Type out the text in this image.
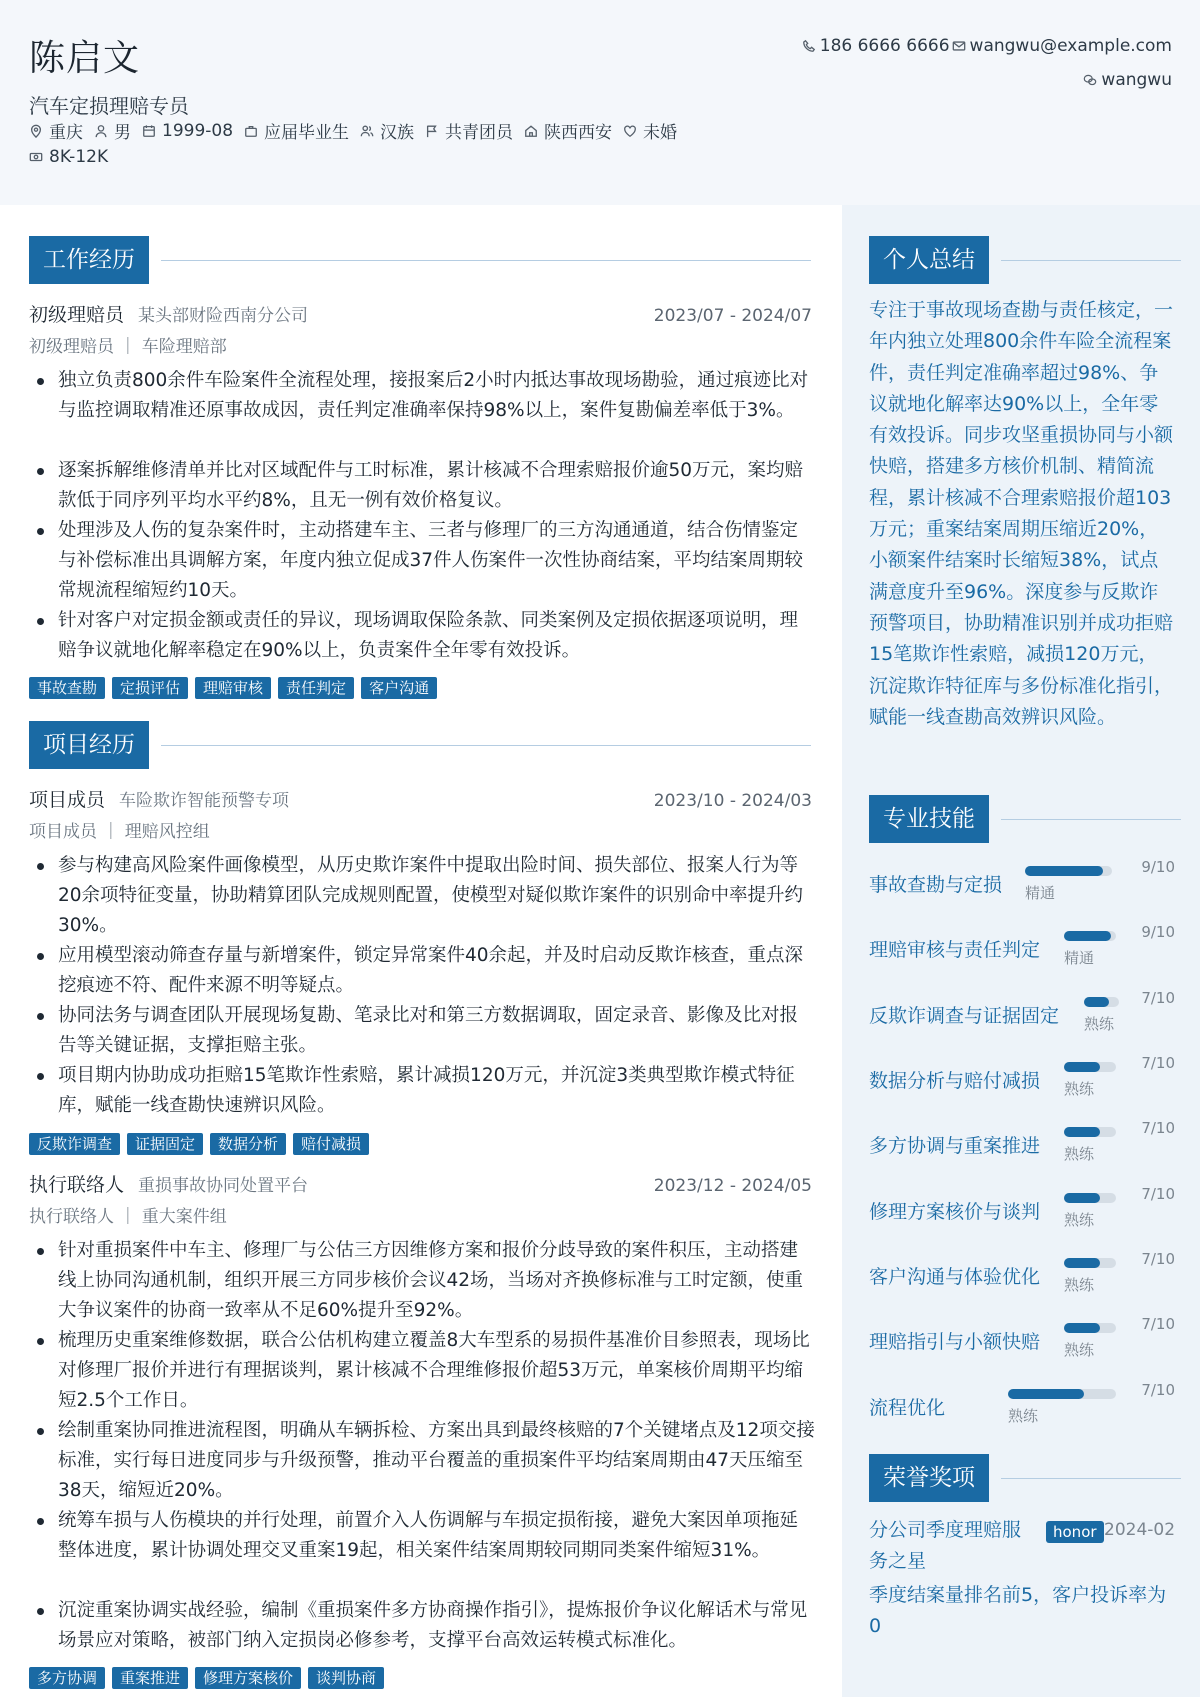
陈启文
汽车定损理赔专员
重庆 男 1999-08 应届毕业生 汉族 共青团员 陕西西安 未婚
8K-12K
186 6666 6666 wangwu@example.com
wangwu
工作经历
初级理赔员 某头部财险西南分公司	2023/07 - 2024/07
初级理赔员 ｜ 车险理赔部
独立负责800余件车险案件全流程处理，接报案后2小时内抵达事故现场勘验，通过痕迹比对与监控调取精准还原事故成因，责任判定准确率保持98%以上，案件复勘偏差率低于3%。
逐案拆解维修清单并比对区域配件与工时标准，累计核减不合理索赔报价逾50万元，案均赔款低于同序列平均水平约8%，且无一例有效价格复议。
处理涉及人伤的复杂案件时，主动搭建车主、三者与修理厂的三方沟通通道，结合伤情鉴定与补偿标准出具调解方案，年度内独立促成37件人伤案件一次性协商结案，平均结案周期较常规流程缩短约10天。
针对客户对定损金额或责任的异议，现场调取保险条款、同类案例及定损依据逐项说明，理赔争议就地化解率稳定在90%以上，负责案件全年零有效投诉。
事故查勘	定损评估	理赔审核	责任判定	客户沟通
项目经历
项目成员 车险欺诈智能预警专项	2023/10 - 2024/03
项目成员 ｜ 理赔风控组
参与构建高风险案件画像模型，从历史欺诈案件中提取出险时间、损失部位、报案人行为等20余项特征变量，协助精算团队完成规则配置，使模型对疑似欺诈案件的识别命中率提升约30%。
应用模型滚动筛查存量与新增案件，锁定异常案件40余起，并及时启动反欺诈核查，重点深挖痕迹不符、配件来源不明等疑点。
协同法务与调查团队开展现场复勘、笔录比对和第三方数据调取，固定录音、影像及比对报告等关键证据，支撑拒赔主张。
项目期内协助成功拒赔15笔欺诈性索赔，累计减损120万元，并沉淀3类典型欺诈模式特征库，赋能一线查勘快速辨识风险。
反欺诈调查	证据固定	数据分析	赔付减损
执行联络人 重损事故协同处置平台	2023/12 - 2024/05
执行联络人 ｜ 重大案件组
针对重损案件中车主、修理厂与公估三方因维修方案和报价分歧导致的案件积压，主动搭建线上协同沟通机制，组织开展三方同步核价会议42场，当场对齐换修标准与工时定额，使重大争议案件的协商一致率从不足60%提升至92%。
梳理历史重案维修数据，联合公估机构建立覆盖8大车型系的易损件基准价目参照表，现场比对修理厂报价并进行有理据谈判，累计核减不合理维修报价超53万元，单案核价周期平均缩短2.5个工作日。
绘制重案协同推进流程图，明确从车辆拆检、方案出具到最终核赔的7个关键堵点及12项交接标准，实行每日进度同步与升级预警，推动平台覆盖的重损案件平均结案周期由47天压缩至38天，缩短近20%。
统筹车损与人伤模块的并行处理，前置介入人伤调解与车损定损衔接，避免大案因单项拖延整体进度，累计协调处理交叉重案19起，相关案件结案周期较同期同类案件缩短31%。
沉淀重案协调实战经验，编制《重损案件多方协商操作指引》，提炼报价争议化解话术与常见场景应对策略，被部门纳入定损岗必修参考，支撑平台高效运转模式标准化。
多方协调	重案推进	修理方案核价	谈判协商
个人总结
专注于事故现场查勘与责任核定，一年内独立处理800余件车险全流程案件，责任判定准确率超过98%、争议就地化解率达90%以上，全年零有效投诉。同步攻坚重损协同与小额快赔，搭建多方核价机制、精简流程，累计核减不合理索赔报价超103万元；重案结案周期压缩近20%，小额案件结案时长缩短38%，试点满意度升至96%。深度参与反欺诈预警项目，协助精准识别并成功拒赔15笔欺诈性索赔，减损120万元，沉淀欺诈特征库与多份标准化指引，赋能一线查勘高效辨识风险。
专业技能
事故查勘与定损 精通
9/10
理赔审核与责任判定 精通
9/10
反欺诈调查与证据固定 熟练
7/10
数据分析与赔付减损 熟练
7/10
多方协调与重案推进 熟练
7/10
修理方案核价与谈判 熟练
7/10
客户沟通与体验优化 熟练
7/10
理赔指引与小额快赔 熟练
7/10
流程优化	熟练
7/10
荣誉奖项
分公司季度理赔服务之星
honor 2024-02
季度结案量排名前5，客户投诉率为0
